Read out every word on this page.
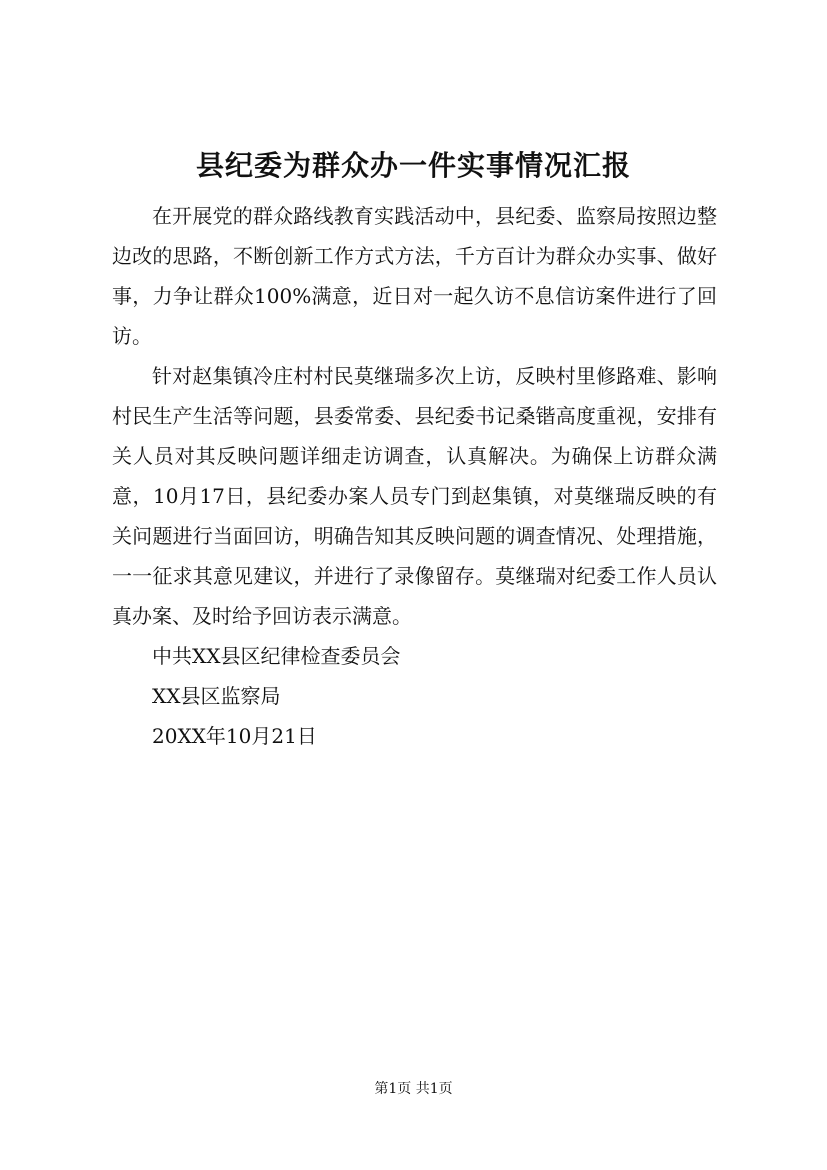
县纪委为群众办一件实事情况汇报

在开展党的群众路线教育实践活动中，县纪委、监察局按照边整边改的思路，不断创新工作方式方法，千方百计为群众办实事、做好事，力争让群众100%满意，近日对一起久访不息信访案件进行了回访。

针对赵集镇冷庄村村民莫继瑞多次上访，反映村里修路难、影响村民生产生活等问题，县委常委、县纪委书记桑锴高度重视，安排有关人员对其反映问题详细走访调查，认真解决。为确保上访群众满意，10月17日，县纪委办案人员专门到赵集镇，对莫继瑞反映的有关问题进行当面回访，明确告知其反映问题的调查情况、处理措施，一一征求其意见建议，并进行了录像留存。莫继瑞对纪委工作人员认真办案、及时给予回访表示满意。

中共XX县区纪律检查委员会

XX县区监察局

20XX年10月21日

第1页 共1页
